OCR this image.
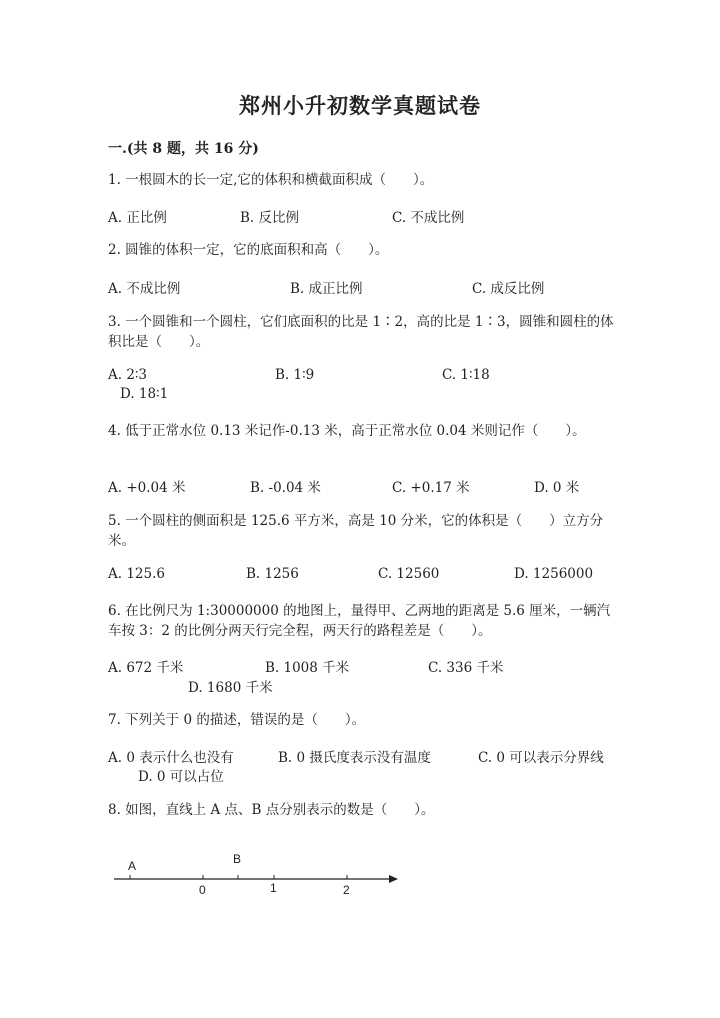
郑州小升初数学真题试卷
一.(共 8 题，共 16 分)
1. 一根圆木的长一定,它的体积和横截面积成（　　）。
A. 正比例	B. 反比例	C. 不成比例
2. 圆锥的体积一定，它的底面积和高（　　）。
A. 不成比例	B. 成正比例	C. 成反比例
3. 一个圆锥和一个圆柱，它们底面积的比是 1∶2，高的比是 1∶3，圆锥和圆柱的体积比是（　　）。
A. 2∶3	B. 1∶9	C. 1∶18
D. 18∶1
4. 低于正常水位 0.13 米记作-0.13 米，高于正常水位 0.04 米则记作（　　）。
A. +0.04 米	B. -0.04 米	C. +0.17 米	D. 0 米
5. 一个圆柱的侧面积是 125.6 平方米，高是 10 分米，它的体积是（　　）立方分米。
A. 125.6	B. 1256	C. 12560	D. 1256000
6. 在比例尺为 1:30000000 的地图上，量得甲、乙两地的距离是 5.6 厘米，一辆汽车按 3：2 的比例分两天行完全程，两天行的路程差是（　　）。
A. 672 千米	B. 1008 千米	C. 336 千米
D. 1680 千米
7. 下列关于 0 的描述，错误的是（　　）。
A. 0 表示什么也没有	B. 0 摄氏度表示没有温度	C. 0 可以表示分界线
D. 0 可以占位
8. 如图，直线上 A 点、B 点分别表示的数是（　　）。
A	B
0	1	2
